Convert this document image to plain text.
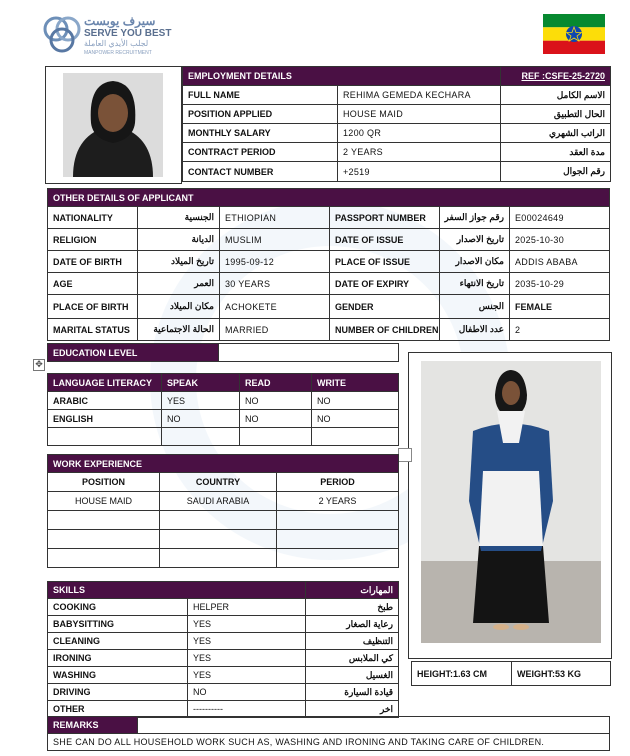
سيرف يوبست
SERVE YOU BEST
لجلب الأيدي العاملة
MANPOWER RECRUITMENT
EMPLOYMENT DETAILS		REF :CSFE-25-2720
FULL NAME	REHIMA GEMEDA KECHARA	الاسم الكامل
POSITION APPLIED	HOUSE MAID	الحال التطبيق
MONTHLY SALARY	1200 QR	الراتب الشهري
CONTRACT PERIOD	2 YEARS	مدة العقد
CONTACT NUMBER	+2519	رقم الجوال
OTHER DETAILS OF APPLICANT					
NATIONALITY	الجنسية	ETHIOPIAN	PASSPORT NUMBER	رقم جواز السفر	E00024649
RELIGION	الديانة	MUSLIM	DATE OF ISSUE	تاريخ الاصدار	2025-10-30
DATE OF BIRTH	تاريخ الميلاد	1995-09-12	PLACE OF ISSUE	مكان الاصدار	ADDIS ABABA
AGE	العمر	30 YEARS	DATE OF EXPIRY	تاريخ الانتهاء	2035-10-29
PLACE OF BIRTH	مكان الميلاد	ACHOKETE	GENDER	الجنس	FEMALE
MARITAL STATUS	الحالة الاجتماعية	MARRIED	NUMBER OF CHILDREN	عدد الاطفال	2
✥
EDUCATION LEVEL	
LANGUAGE LITERACY	SPEAK	READ	WRITE
ARABIC	YES	NO	NO
ENGLISH	NO	NO	NO

WORK EXPERIENCE		
POSITION	COUNTRY	PERIOD
HOUSE MAID	SAUDI ARABIA	2 YEARS

SKILLS		المهارات
COOKING	HELPER	طبخ
BABYSITTING	YES	رعاية الصغار
CLEANING	YES	التنظيف
IRONING	YES	كي الملابس
WASHING	YES	الغسيل
DRIVING	NO	قيادة السيارة
OTHER	----------	اخر
HEIGHT:1.63 CM	WEIGHT:53 KG
REMARKS	
SHE CAN DO ALL HOUSEHOLD WORK SUCH AS, WASHING AND IRONING AND TAKING CARE OF CHILDREN.
